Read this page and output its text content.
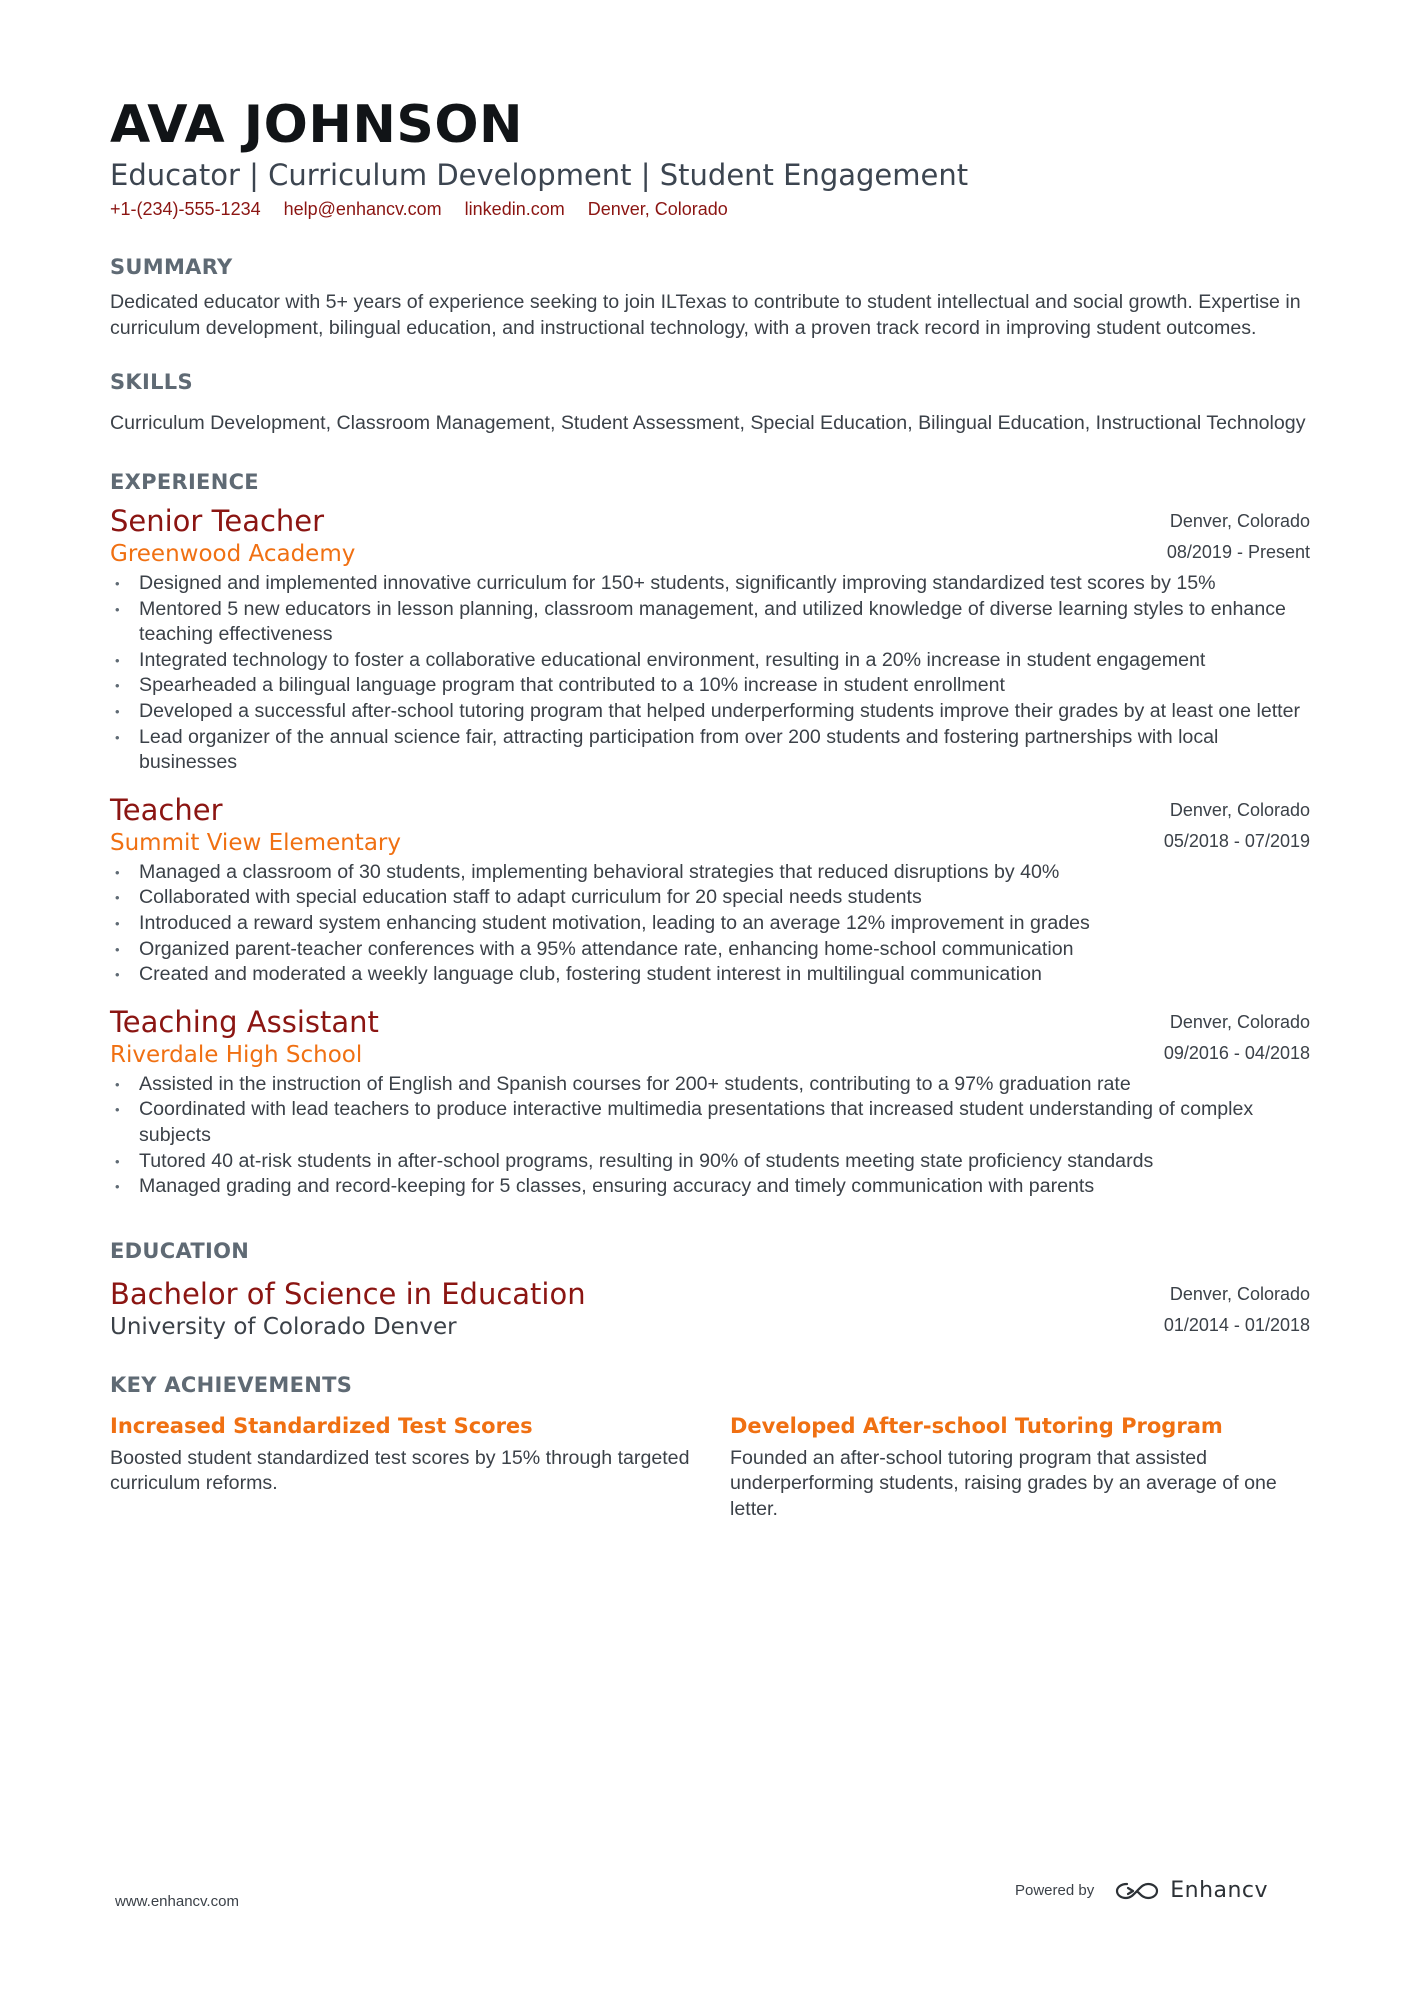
AVA JOHNSON
Educator | Curriculum Development | Student Engagement
+1-(234)-555-1234 help@enhancv.com linkedin.com Denver, Colorado
SUMMARY
Dedicated educator with 5+ years of experience seeking to join ILTexas to contribute to student intellectual and social growth. Expertise in curriculum development, bilingual education, and instructional technology, with a proven track record in improving student outcomes.
SKILLS
Curriculum Development, Classroom Management, Student Assessment, Special Education, Bilingual Education, Instructional Technology
EXPERIENCE
Senior Teacher
Greenwood Academy
Denver, Colorado
08/2019 - Present
• Designed and implemented innovative curriculum for 150+ students, significantly improving standardized test scores by 15%
• Mentored 5 new educators in lesson planning, classroom management, and utilized knowledge of diverse learning styles to enhance teaching effectiveness
• Integrated technology to foster a collaborative educational environment, resulting in a 20% increase in student engagement
• Spearheaded a bilingual language program that contributed to a 10% increase in student enrollment
• Developed a successful after-school tutoring program that helped underperforming students improve their grades by at least one letter
• Lead organizer of the annual science fair, attracting participation from over 200 students and fostering partnerships with local businesses
Teacher
Summit View Elementary
Denver, Colorado
05/2018 - 07/2019
• Managed a classroom of 30 students, implementing behavioral strategies that reduced disruptions by 40%
• Collaborated with special education staff to adapt curriculum for 20 special needs students
• Introduced a reward system enhancing student motivation, leading to an average 12% improvement in grades
• Organized parent-teacher conferences with a 95% attendance rate, enhancing home-school communication
• Created and moderated a weekly language club, fostering student interest in multilingual communication
Teaching Assistant
Riverdale High School
Denver, Colorado
09/2016 - 04/2018
• Assisted in the instruction of English and Spanish courses for 200+ students, contributing to a 97% graduation rate
• Coordinated with lead teachers to produce interactive multimedia presentations that increased student understanding of complex subjects
• Tutored 40 at-risk students in after-school programs, resulting in 90% of students meeting state proficiency standards
• Managed grading and record-keeping for 5 classes, ensuring accuracy and timely communication with parents
EDUCATION
Bachelor of Science in Education
University of Colorado Denver
Denver, Colorado
01/2014 - 01/2018
KEY ACHIEVEMENTS
Increased Standardized Test Scores
Boosted student standardized test scores by 15% through targeted curriculum reforms.
Developed After-school Tutoring Program
Founded an after-school tutoring program that assisted underperforming students, raising grades by an average of one letter.
www.enhancv.com
Powered by	Enhancv
